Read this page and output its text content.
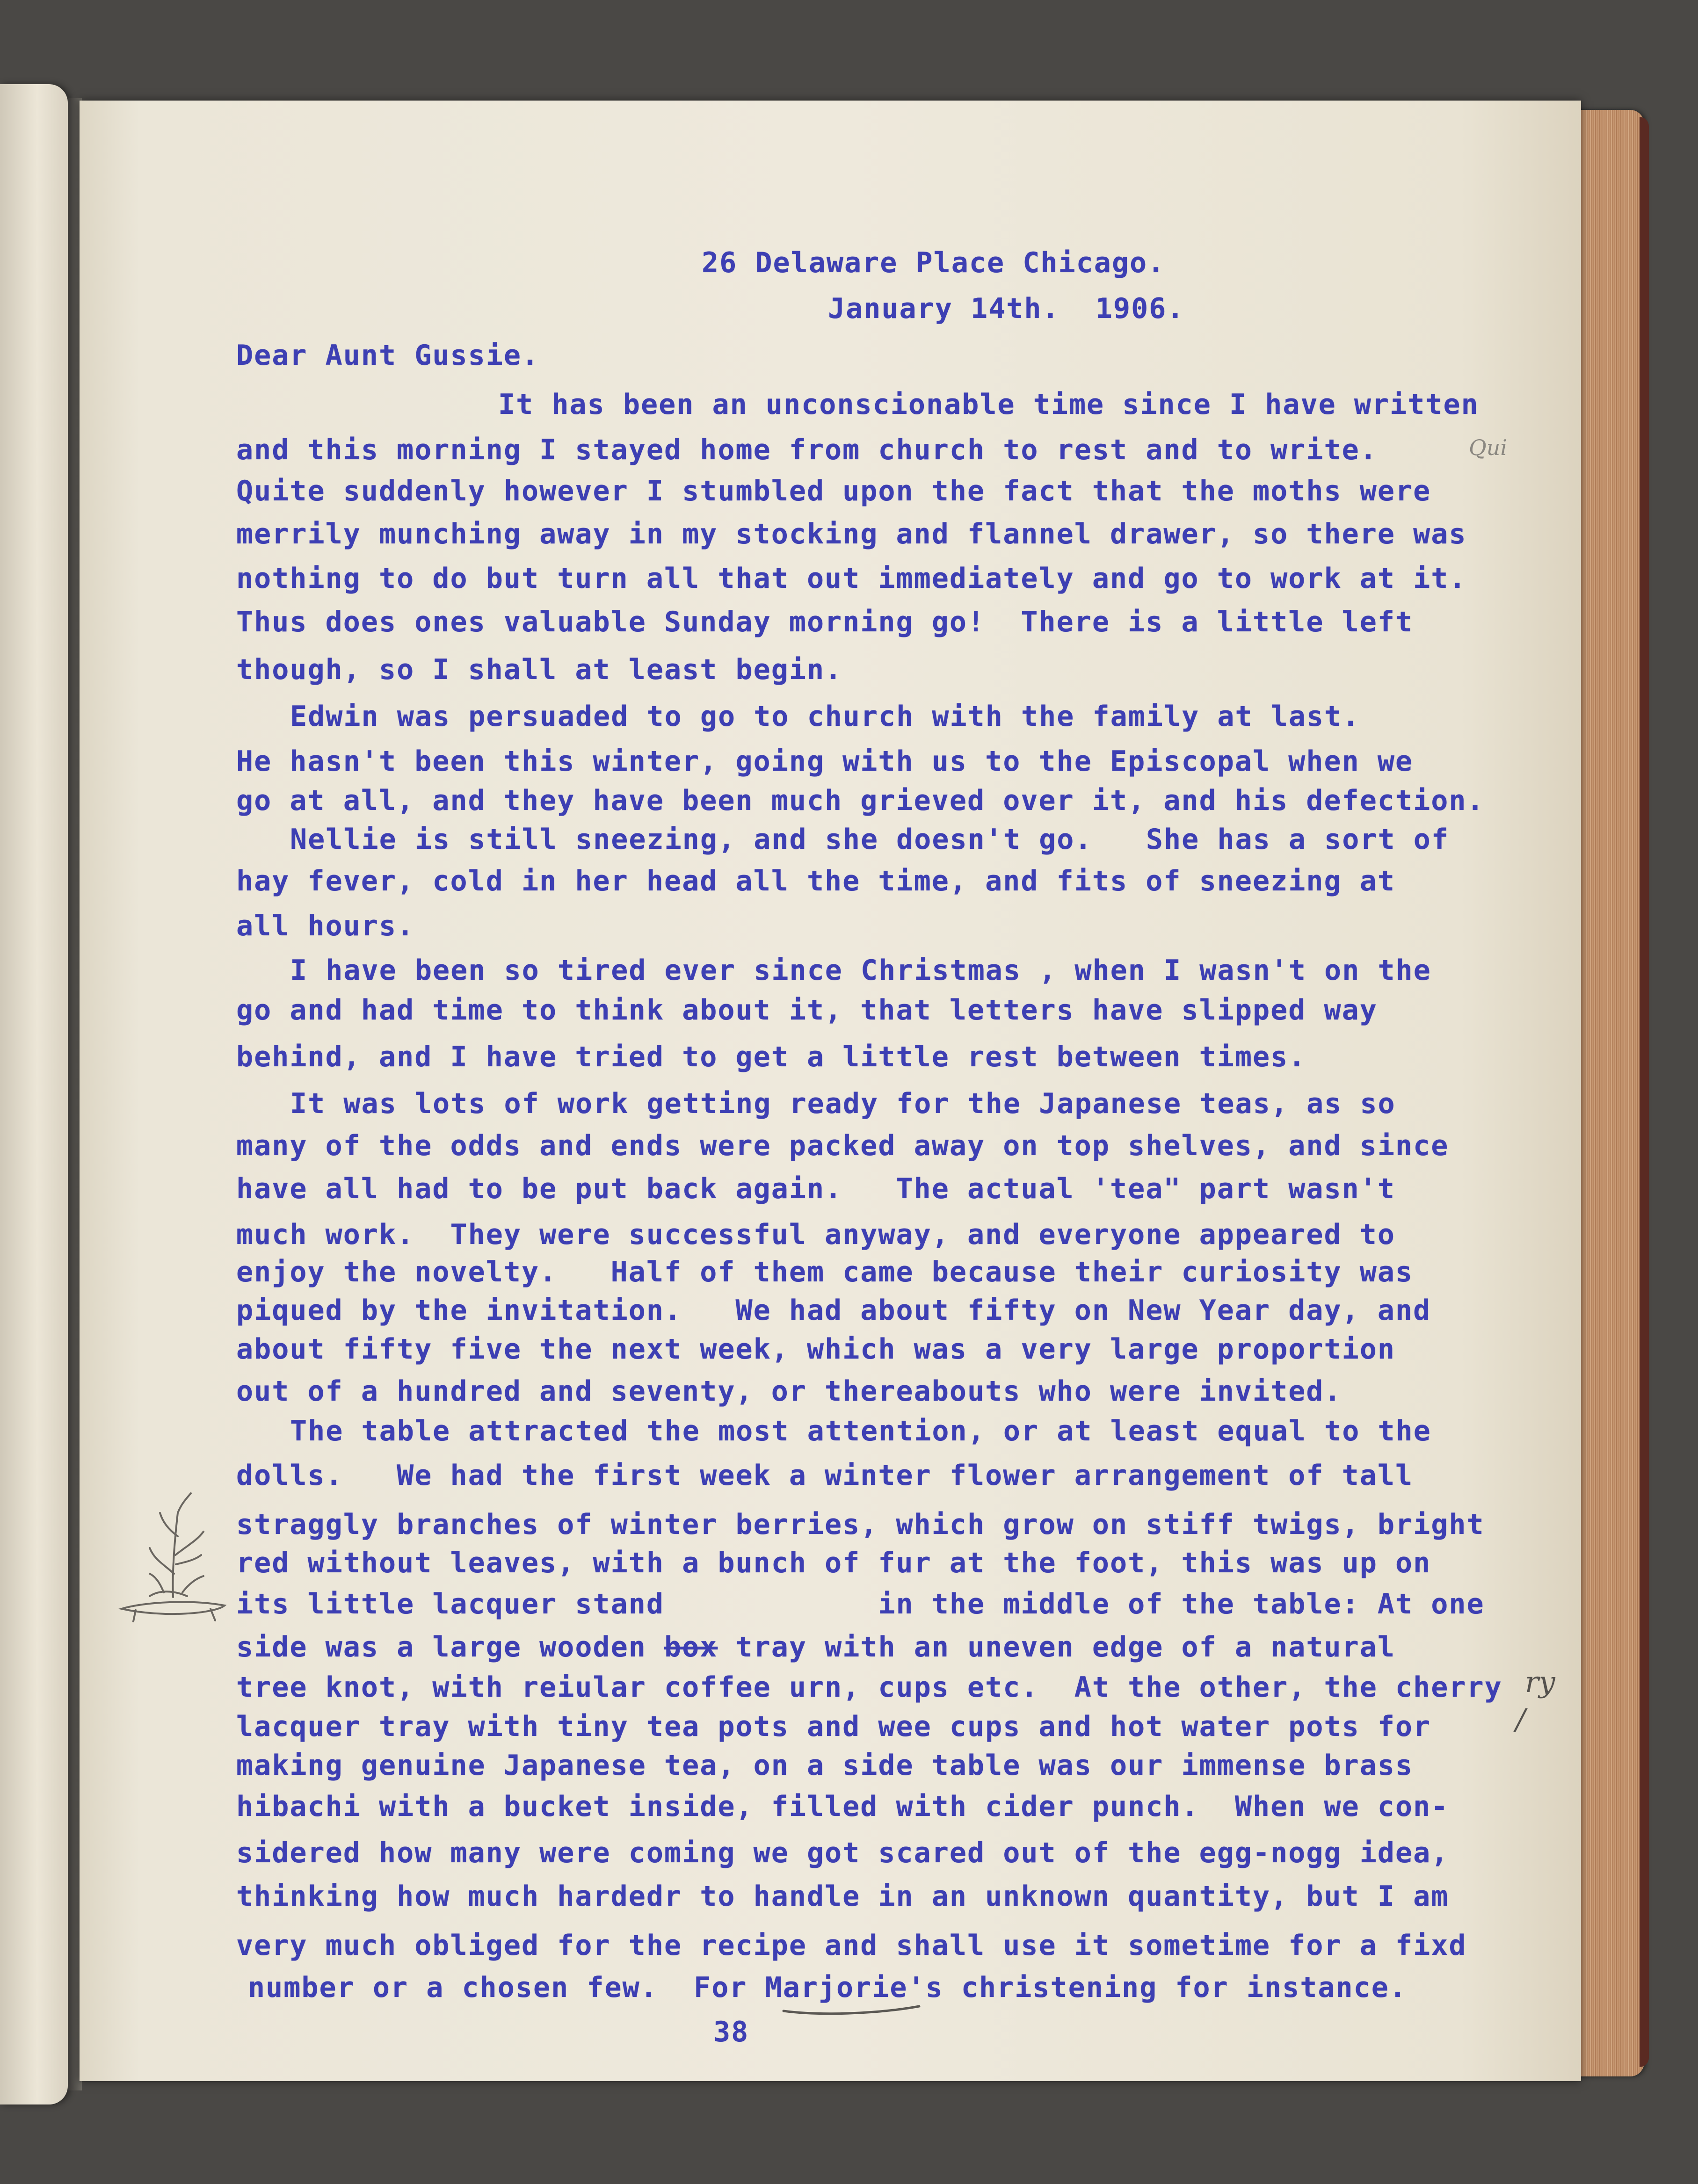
26 Delaware Place Chicago.
January 14th.  1906.
Dear Aunt Gussie.
It has been an unconscionable time since I have written
and this morning I stayed home from church to rest and to write.
Quite suddenly however I stumbled upon the fact that the moths were
merrily munching away in my stocking and flannel drawer, so there was
nothing to do but turn all that out immediately and go to work at it.
Thus does ones valuable Sunday morning go!  There is a little left
though, so I shall at least begin.
Edwin was persuaded to go to church with the family at last.
He hasn't been this winter, going with us to the Episcopal when we
go at all, and they have been much grieved over it, and his defection.
Nellie is still sneezing, and she doesn't go.   She has a sort of
hay fever, cold in her head all the time, and fits of sneezing at
all hours.
I have been so tired ever since Christmas , when I wasn't on the
go and had time to think about it, that letters have slipped way
behind, and I have tried to get a little rest between times.
It was lots of work getting ready for the Japanese teas, as so
many of the odds and ends were packed away on top shelves, and since
have all had to be put back again.   The actual 'tea" part wasn't
much work.  They were successful anyway, and everyone appeared to
enjoy the novelty.   Half of them came because their curiosity was
piqued by the invitation.   We had about fifty on New Year day, and
about fifty five the next week, which was a very large proportion
out of a hundred and seventy, or thereabouts who were invited.
The table attracted the most attention, or at least equal to the
dolls.   We had the first week a winter flower arrangement of tall
straggly branches of winter berries, which grow on stiff twigs, bright
red without leaves, with a bunch of fur at the foot, this was up on
its little lacquer stand            in the middle of the table: At one
side was a large wooden box tray with an uneven edge of a natural
tree knot, with reiular coffee urn, cups etc.  At the other, the cherry
lacquer tray with tiny tea pots and wee cups and hot water pots for
making genuine Japanese tea, on a side table was our immense brass
hibachi with a bucket inside, filled with cider punch.  When we con-
sidered how many were coming we got scared out of the egg-nogg idea,
thinking how much hardedr to handle in an unknown quantity, but I am
very much obliged for the recipe and shall use it sometime for a fixd
number or a chosen few.  For Marjorie's christening for instance.
38
Qui
ry
/
